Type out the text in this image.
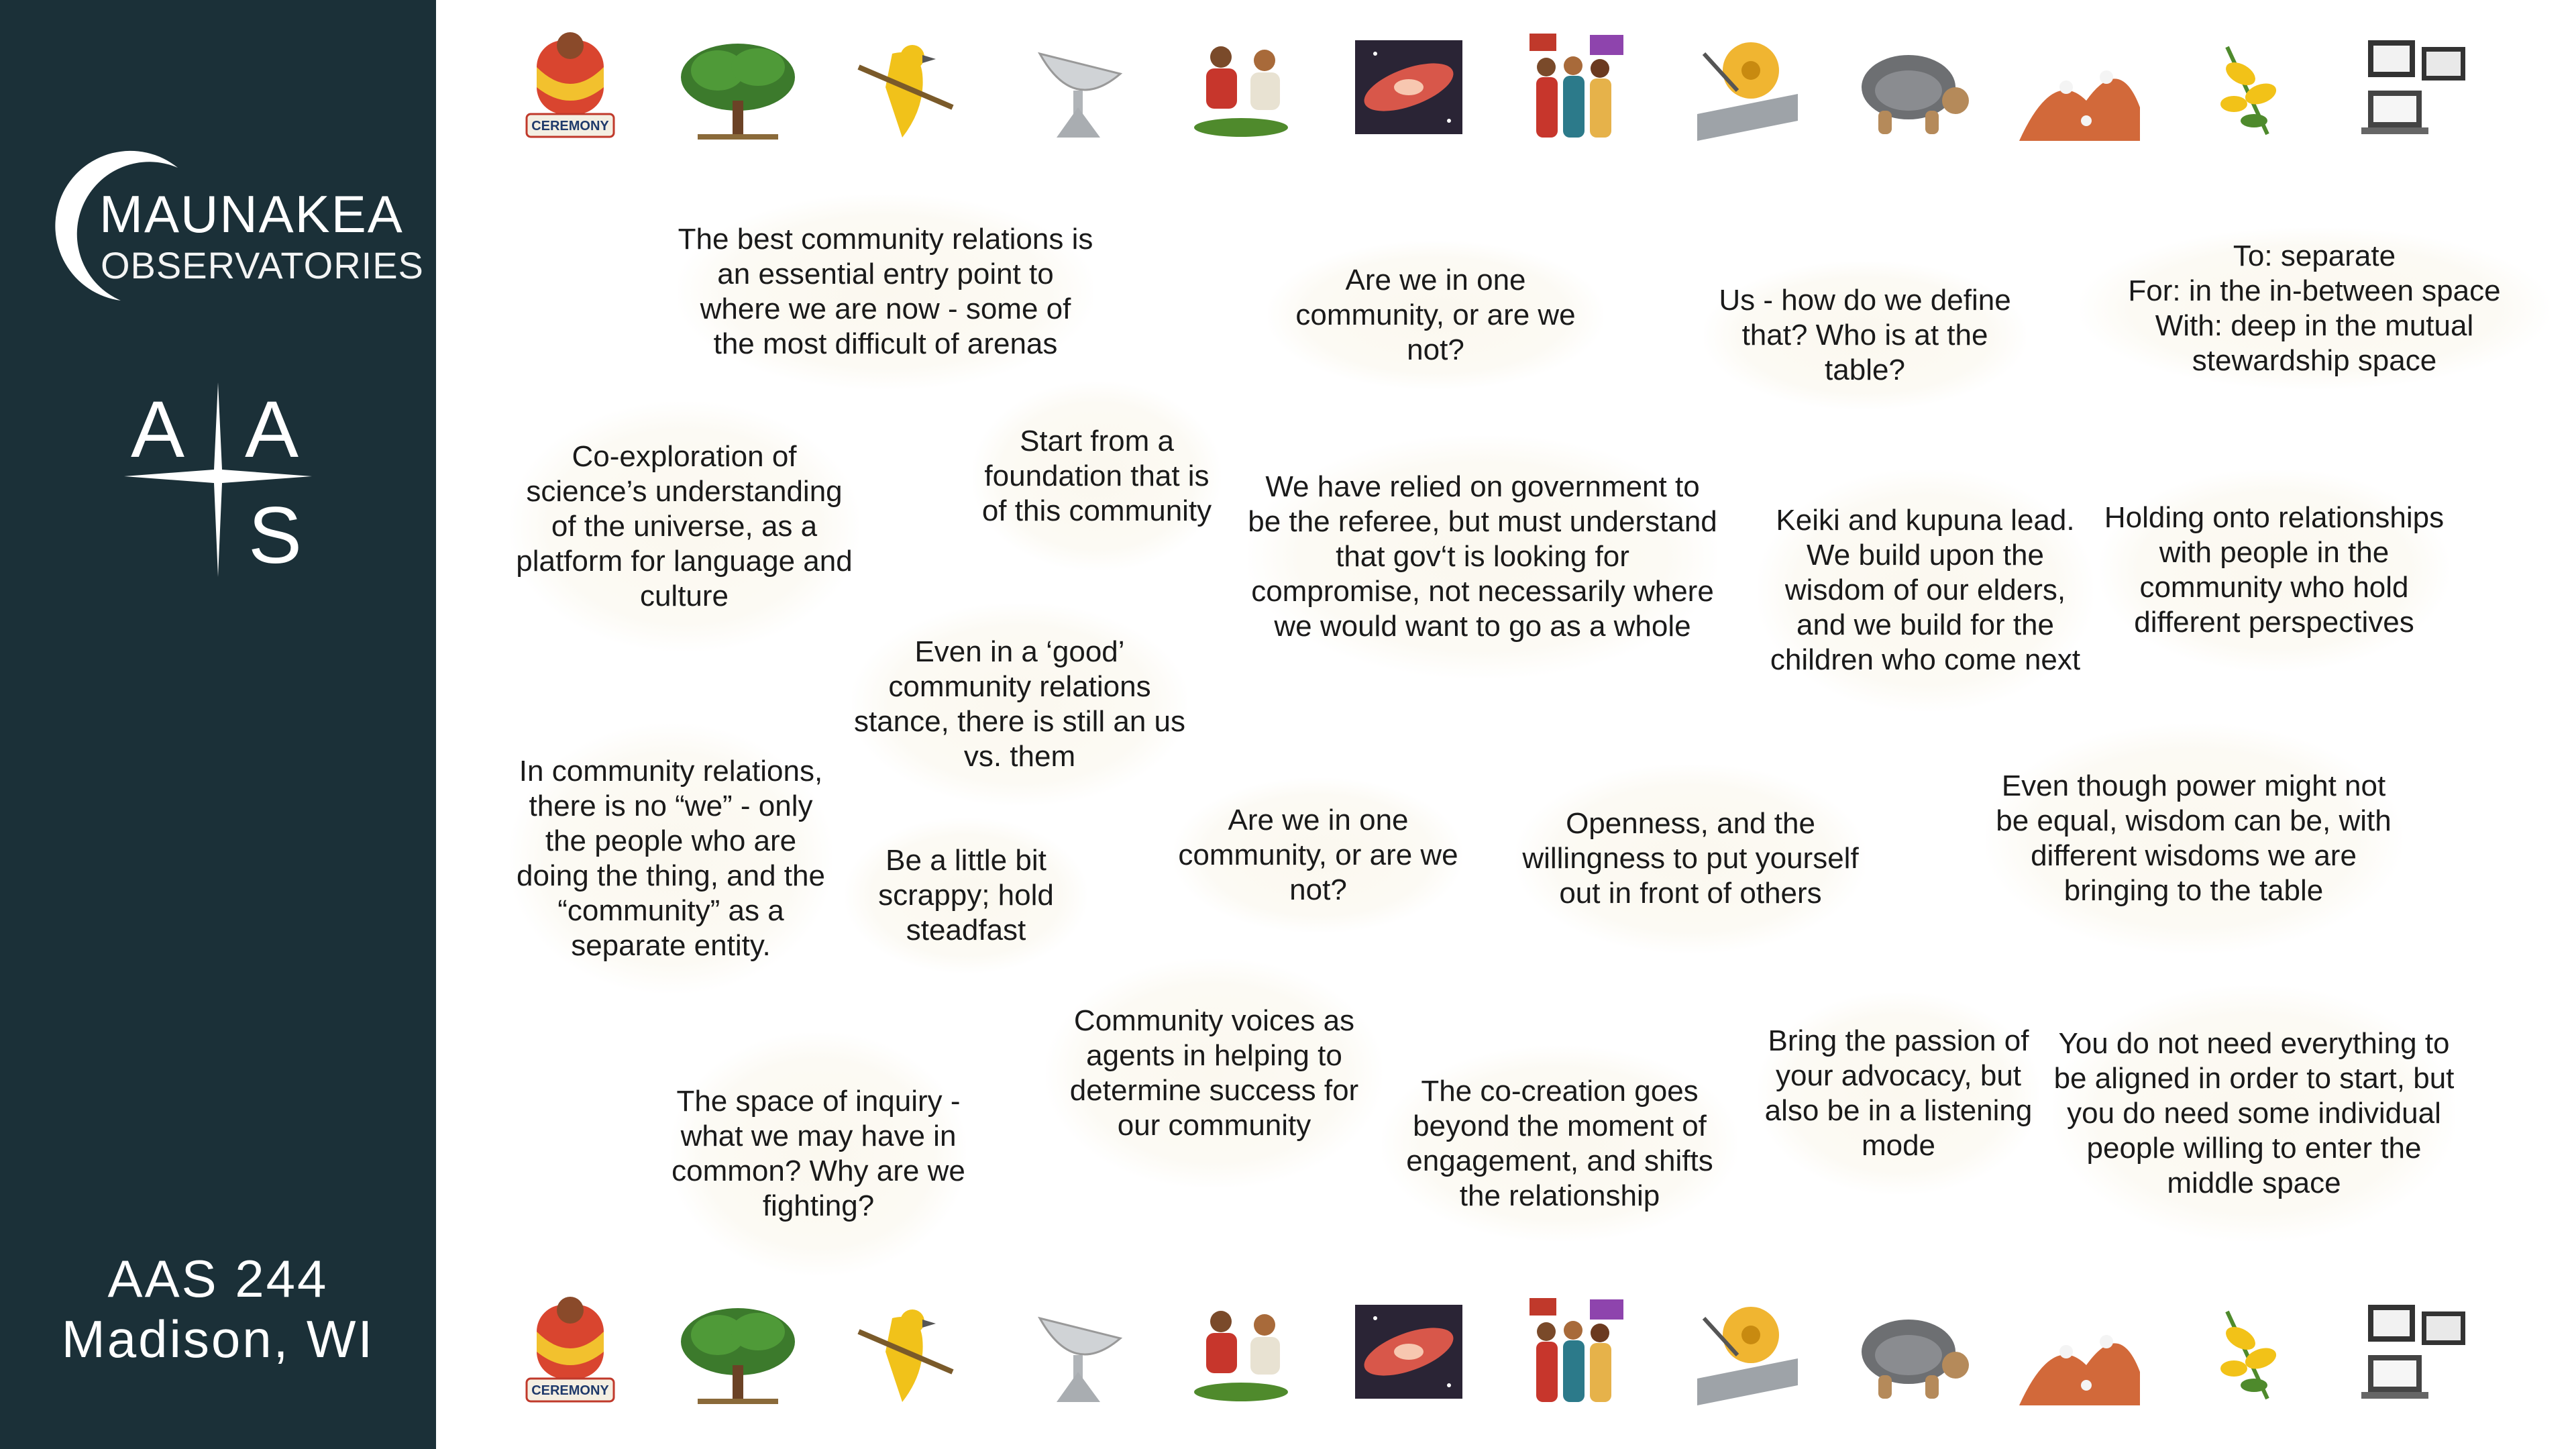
MAUNAKEA
OBSERVATORIES
A A
S
AAS 244
Madison, WI
CEREMONY
CEREMONY
The best community relations is an essential entry point to where we are now - some of the most difficult of arenas
Are we in one community, or are we not?
Us - how do we define that? Who is at the table?
To: separate
For: in the in-between space
With: deep in the mutual stewardship space
Co-exploration of science’s understanding of the universe, as a platform for language and culture
Start from a foundation that is of this community
We have relied on government to be the referee, but must understand that gov‘t is looking for compromise, not necessarily where we would want to go as a whole
Keiki and kupuna lead. We build upon the wisdom of our elders, and we build for the children who come next
Holding onto relationships with people in the community who hold different perspectives
Even in a ‘good’ community relations stance, there is still an us vs. them
In community relations, there is no “we” - only the people who are doing the thing, and the “community” as a separate entity.
Be a little bit scrappy; hold steadfast
Are we in one community, or are we not?
Openness, and the willingness to put yourself out in front of others
Even though power might not be equal, wisdom can be, with different wisdoms we are bringing to the table
Community voices as agents in helping to determine success for our community
The co-creation goes beyond the moment of engagement, and shifts the relationship
Bring the passion of your advocacy, but also be in a listening mode
You do not need everything to be aligned in order to start, but you do need some individual people willing to enter the middle space
The space of inquiry - what we may have in common? Why are we fighting?
